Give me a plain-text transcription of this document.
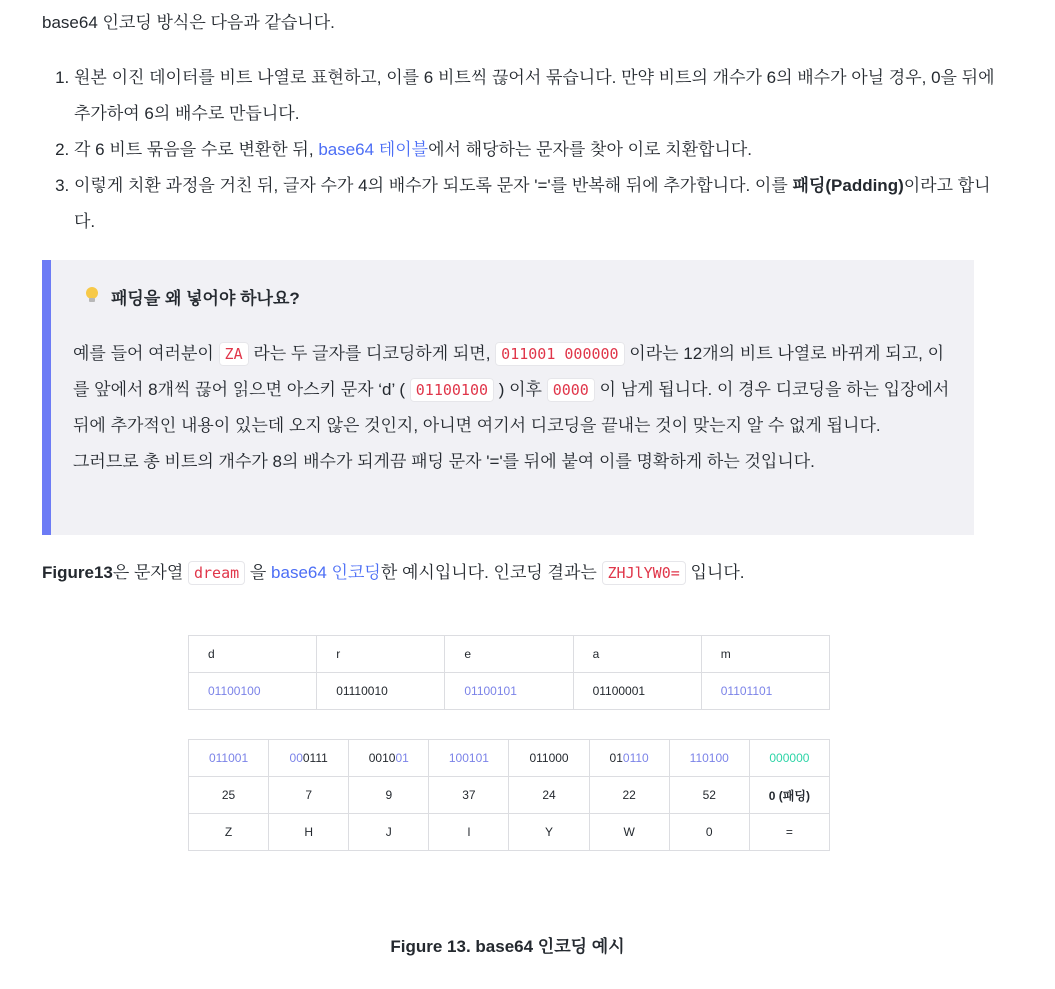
base64 인코딩 방식은 다음과 같습니다.

1. 원본 이진 데이터를 비트 나열로 표현하고, 이를 6 비트씩 끊어서 묶습니다. 만약 비트의 개수가 6의 배수가 아닐 경우, 0을 뒤에 추가하여 6의 배수로 만듭니다.
2. 각 6 비트 묶음을 수로 변환한 뒤, base64 테이블에서 해당하는 문자를 찾아 이로 치환합니다.
3. 이렇게 치환 과정을 거친 뒤, 글자 수가 4의 배수가 되도록 문자 '='를 반복해 뒤에 추가합니다. 이를 패딩(Padding)이라고 합니다.
패딩을 왜 넣어야 하나요?

예를 들어 여러분이 ZA 라는 두 글자를 디코딩하게 되면, 011001 000000 이라는 12개의 비트 나열로 바뀌게 되고, 이를 앞에서 8개씩 끊어 읽으면 아스키 문자 ‘d’ ( 01100100 ) 이후 0000 이 남게 됩니다. 이 경우 디코딩을 하는 입장에서 뒤에 추가적인 내용이 있는데 오지 않은 것인지, 아니면 여기서 디코딩을 끝내는 것이 맞는지 알 수 없게 됩니다.
그러므로 총 비트의 개수가 8의 배수가 되게끔 패딩 문자 '='를 뒤에 붙여 이를 명확하게 하는 것입니다.

Figure13은 문자열 dream 을 base64 인코딩한 예시입니다. 인코딩 결과는 ZHJlYW0= 입니다.

d	r	e	a	m
01100100	01110010	01100101	01100001	01101101
011001	000111	001001	100101	011000	010110	110100	000000
25	7	9	37	24	22	52	0 (패딩)
Z	H	J	l	Y	W	0	=

Figure 13. base64 인코딩 예시
